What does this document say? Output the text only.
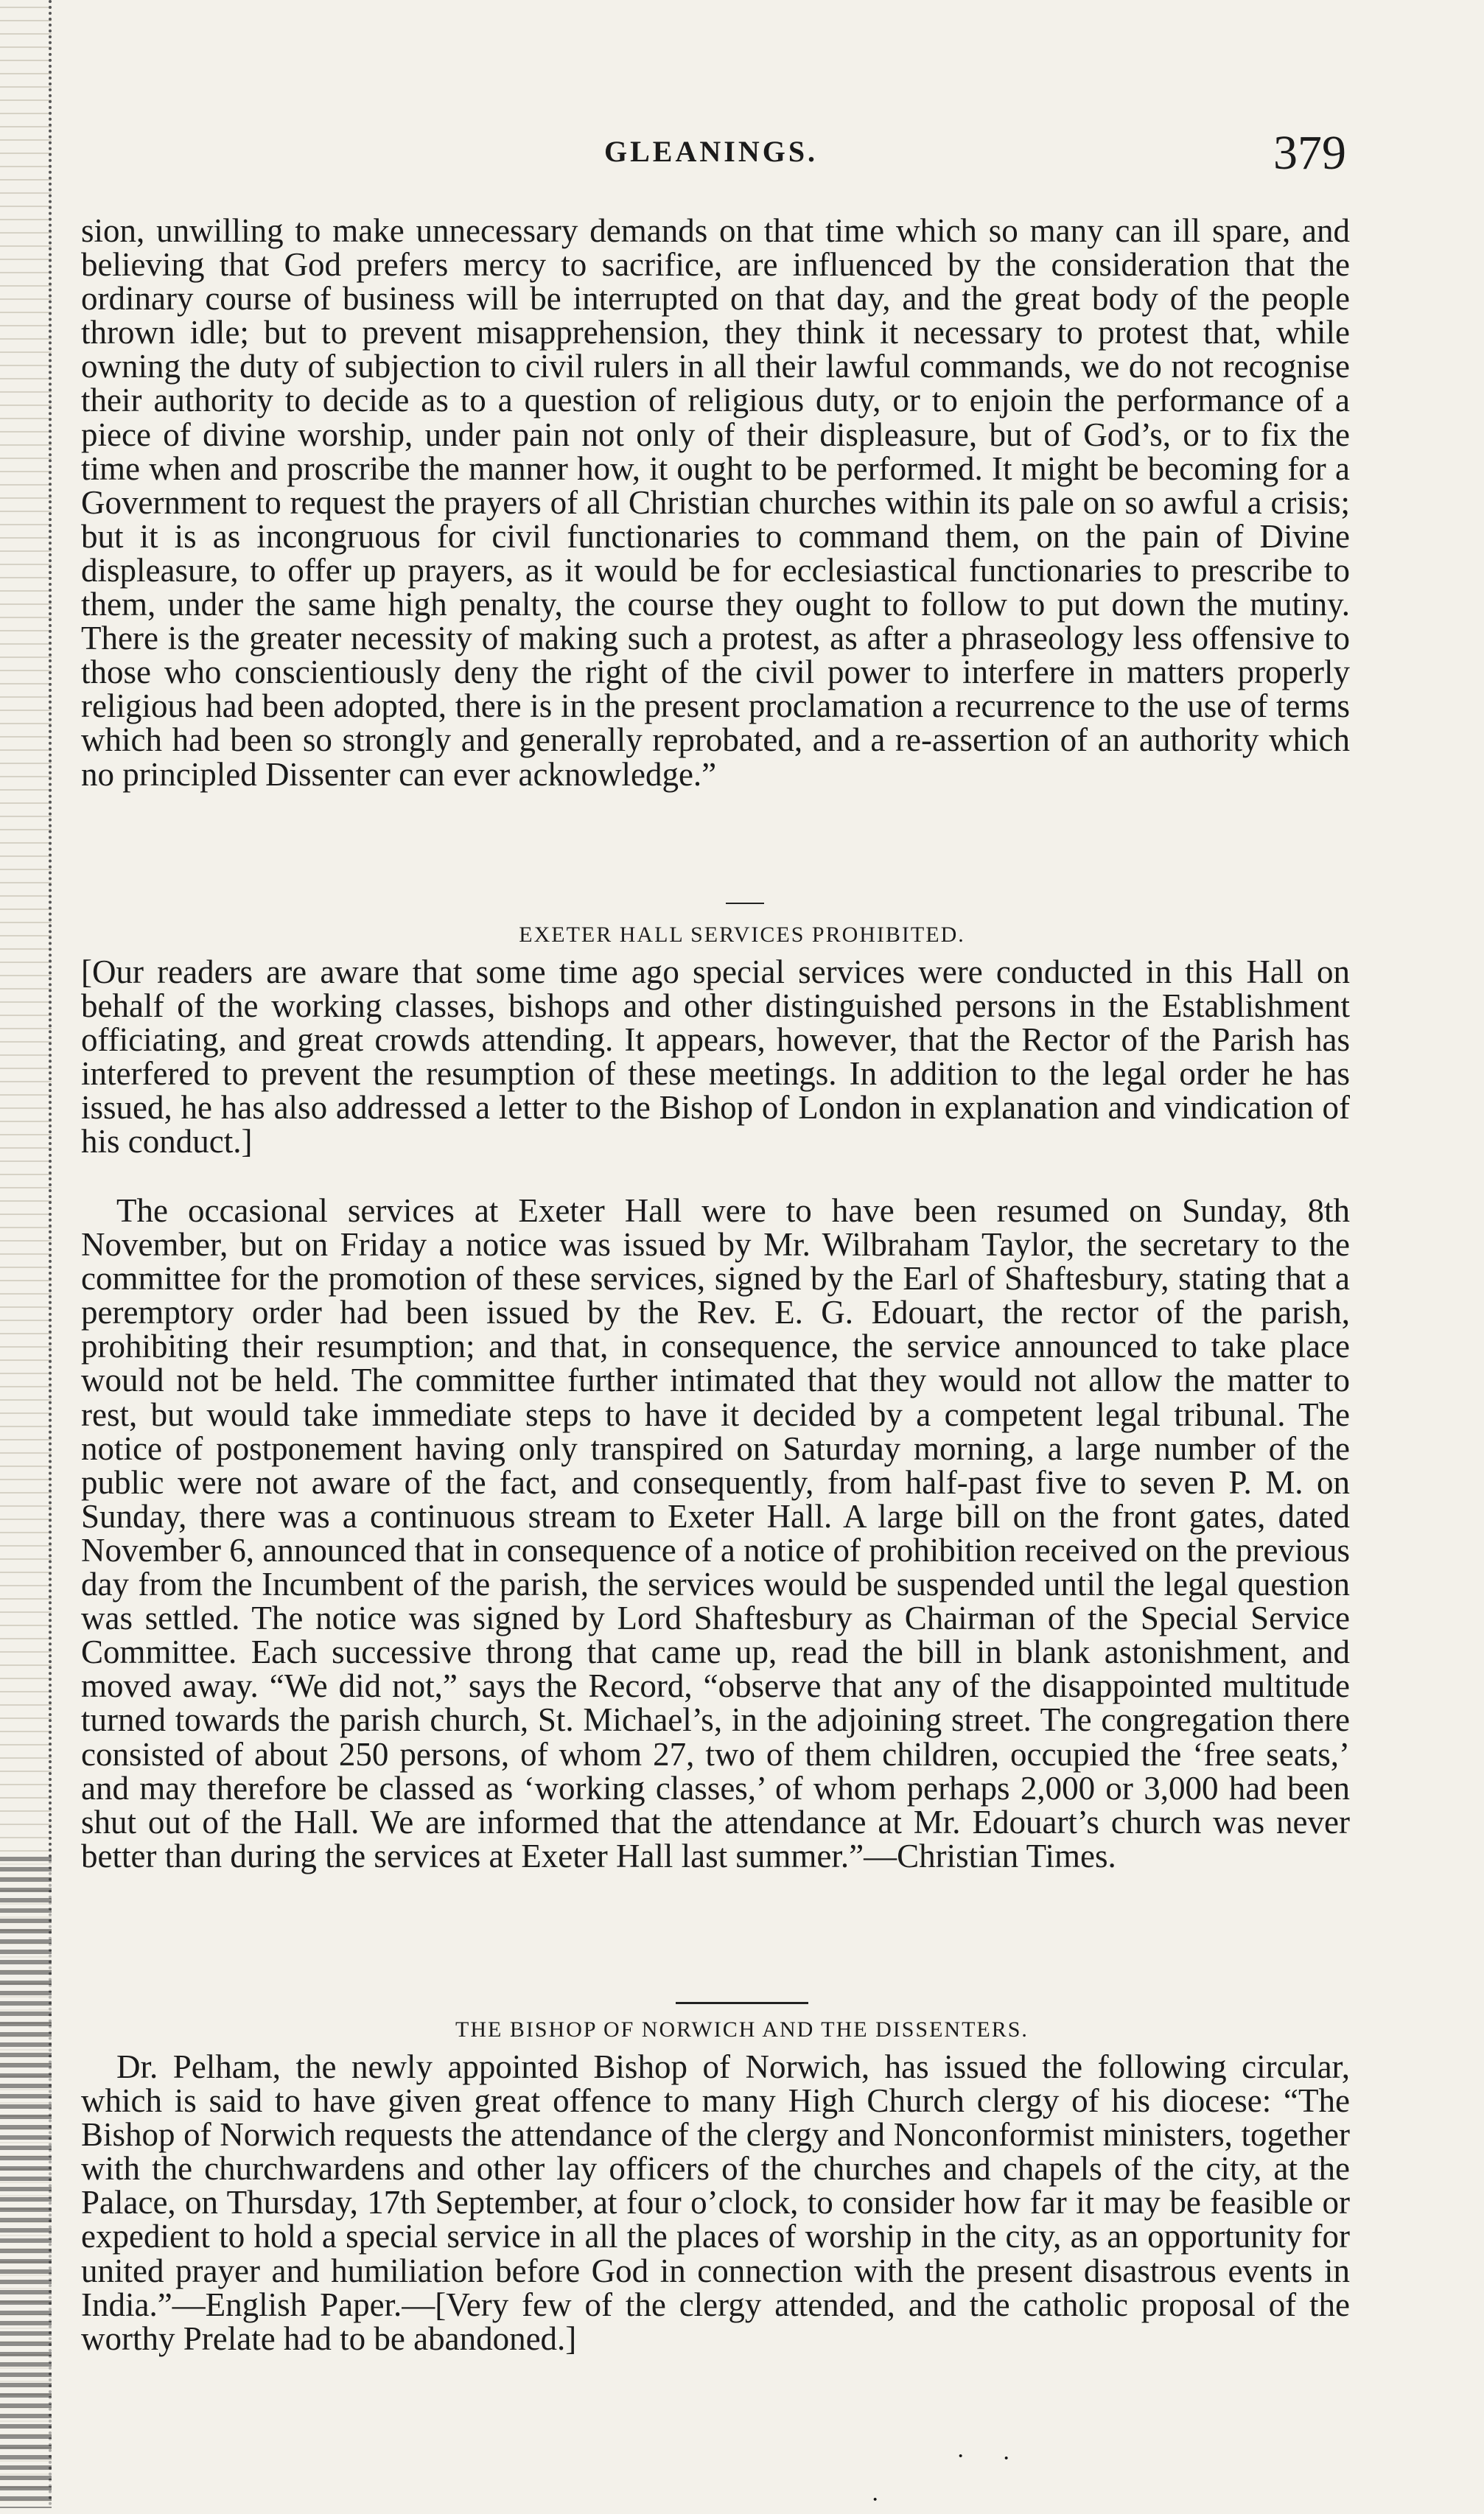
GLEANINGS.	379

sion, unwilling to make unnecessary demands on that time which so many can ill spare, and believing that God prefers mercy to sacrifice, are influenced by the consideration that the ordinary course of business will be interrupted on that day, and the great body of the people thrown idle; but to prevent misapprehension, they think it necessary to protest that, while owning the duty of subjection to civil rulers in all their lawful commands, we do not recognise their authority to decide as to a question of religious duty, or to enjoin the performance of a piece of divine worship, under pain not only of their displeasure, but of God’s, or to fix the time when and proscribe the manner how, it ought to be performed. It might be becoming for a Government to request the prayers of all Christian churches within its pale on so awful a crisis; but it is as incongruous for civil functionaries to command them, on the pain of Divine displeasure, to offer up prayers, as it would be for ecclesiastical functionaries to prescribe to them, under the same high penalty, the course they ought to follow to put down the mutiny. There is the greater necessity of making such a protest, as after a phraseology less offensive to those who conscientiously deny the right of the civil power to interfere in matters properly religious had been adopted, there is in the present proclamation a recurrence to the use of terms which had been so strongly and generally reprobated, and a re-assertion of an authority which no principled Dissenter can ever acknowledge.”

EXETER HALL SERVICES PROHIBITED.

[Our readers are aware that some time ago special services were conducted in this Hall on behalf of the working classes, bishops and other distinguished persons in the Establishment officiating, and great crowds attending. It appears, however, that the Rector of the Parish has interfered to prevent the resumption of these meetings. In addition to the legal order he has issued, he has also addressed a letter to the Bishop of London in explanation and vindication of his conduct.]

The occasional services at Exeter Hall were to have been resumed on Sunday, 8th November, but on Friday a notice was issued by Mr. Wilbraham Taylor, the secretary to the committee for the promotion of these services, signed by the Earl of Shaftesbury, stating that a peremptory order had been issued by the Rev. E. G. Edouart, the rector of the parish, prohibiting their resumption; and that, in consequence, the service announced to take place would not be held. The committee further intimated that they would not allow the matter to rest, but would take immediate steps to have it decided by a competent legal tribunal. The notice of postponement having only transpired on Saturday morning, a large number of the public were not aware of the fact, and consequently, from half-past five to seven P. M. on Sunday, there was a continuous stream to Exeter Hall. A large bill on the front gates, dated November 6, announced that in consequence of a notice of prohibition received on the previous day from the Incumbent of the parish, the services would be suspended until the legal question was settled. The notice was signed by Lord Shaftesbury as Chairman of the Special Service Committee. Each successive throng that came up, read the bill in blank astonishment, and moved away. “We did not,” says the Record, “observe that any of the disappointed multitude turned towards the parish church, St. Michael’s, in the adjoining street. The congregation there consisted of about 250 persons, of whom 27, two of them children, occupied the ‘free seats,’ and may therefore be classed as ‘working classes,’ of whom perhaps 2,000 or 3,000 had been shut out of the Hall. We are informed that the attendance at Mr. Edouart’s church was never better than during the services at Exeter Hall last summer.”—Christian Times.

THE BISHOP OF NORWICH AND THE DISSENTERS.

Dr. Pelham, the newly appointed Bishop of Norwich, has issued the following circular, which is said to have given great offence to many High Church clergy of his diocese: “The Bishop of Norwich requests the attendance of the clergy and Nonconformist ministers, together with the churchwardens and other lay officers of the churches and chapels of the city, at the Palace, on Thursday, 17th September, at four o’clock, to consider how far it may be feasible or expedient to hold a special service in all the places of worship in the city, as an opportunity for united prayer and humiliation before God in connection with the present disastrous events in India.”—English Paper.—[Very few of the clergy attended, and the catholic proposal of the worthy Prelate had to be abandoned.]

· ·
·
